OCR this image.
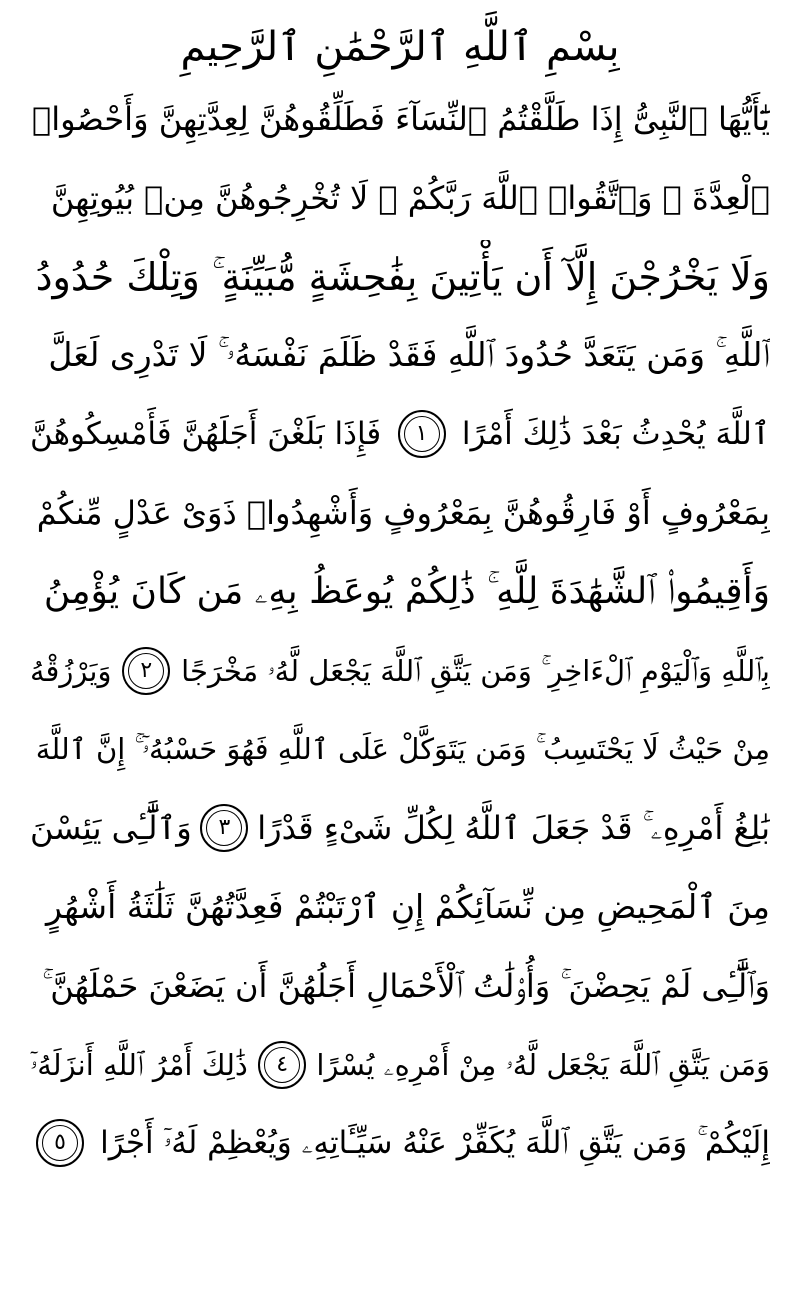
بِسْمِ ٱللَّهِ ٱلرَّحْمَٰنِ ٱلرَّحِيمِ
يَٰٓأَيُّهَا ٱلنَّبِىُّ إِذَا طَلَّقْتُمُ ٱلنِّسَآءَ فَطَلِّقُوهُنَّ لِعِدَّتِهِنَّ وَأَحْصُوا۟
ٱلْعِدَّةَ ۖ وَٱتَّقُوا۟ ٱللَّهَ رَبَّكُمْ ۖ لَا تُخْرِجُوهُنَّ مِنۢ بُيُوتِهِنَّ
وَلَا يَخْرُجْنَ إِلَّآ أَن يَأْتِينَ بِفَٰحِشَةٍ مُّبَيِّنَةٍ ۚ وَتِلْكَ حُدُودُ
ٱللَّهِ ۚ وَمَن يَتَعَدَّ حُدُودَ ٱللَّهِ فَقَدْ ظَلَمَ نَفْسَهُۥ ۚ لَا تَدْرِى لَعَلَّ
ٱللَّهَ يُحْدِثُ بَعْدَ ذَٰلِكَ أَمْرًا
١
فَإِذَا بَلَغْنَ أَجَلَهُنَّ فَأَمْسِكُوهُنَّ
بِمَعْرُوفٍ أَوْ فَارِقُوهُنَّ بِمَعْرُوفٍ وَأَشْهِدُوا۟ ذَوَىْ عَدْلٍ مِّنكُمْ
وَأَقِيمُوا۟ ٱلشَّهَٰدَةَ لِلَّهِ ۚ ذَٰلِكُمْ يُوعَظُ بِهِۦ مَن كَانَ يُؤْمِنُ
بِٱللَّهِ وَٱلْيَوْمِ ٱلْءَاخِرِ ۚ وَمَن يَتَّقِ ٱللَّهَ يَجْعَل لَّهُۥ مَخْرَجًا
٢
وَيَرْزُقْهُ
مِنْ حَيْثُ لَا يَحْتَسِبُ ۚ وَمَن يَتَوَكَّلْ عَلَى ٱللَّهِ فَهُوَ حَسْبُهُۥٓ ۚ إِنَّ ٱللَّهَ
بَٰلِغُ أَمْرِهِۦ ۚ قَدْ جَعَلَ ٱللَّهُ لِكُلِّ شَىْءٍ قَدْرًا
٣
وَٱلَّٰٓـِٔى يَئِسْنَ
مِنَ ٱلْمَحِيضِ مِن نِّسَآئِكُمْ إِنِ ٱرْتَبْتُمْ فَعِدَّتُهُنَّ ثَلَٰثَةُ أَشْهُرٍ
وَٱلَّٰٓـِٔى لَمْ يَحِضْنَ ۚ وَأُو۟لَٰتُ ٱلْأَحْمَالِ أَجَلُهُنَّ أَن يَضَعْنَ حَمْلَهُنَّ ۚ
وَمَن يَتَّقِ ٱللَّهَ يَجْعَل لَّهُۥ مِنْ أَمْرِهِۦ يُسْرًا
٤
ذَٰلِكَ أَمْرُ ٱللَّهِ أَنزَلَهُۥٓ
إِلَيْكُمْ ۚ وَمَن يَتَّقِ ٱللَّهَ يُكَفِّرْ عَنْهُ سَيِّـَٔاتِهِۦ وَيُعْظِمْ لَهُۥٓ أَجْرًا
٥
